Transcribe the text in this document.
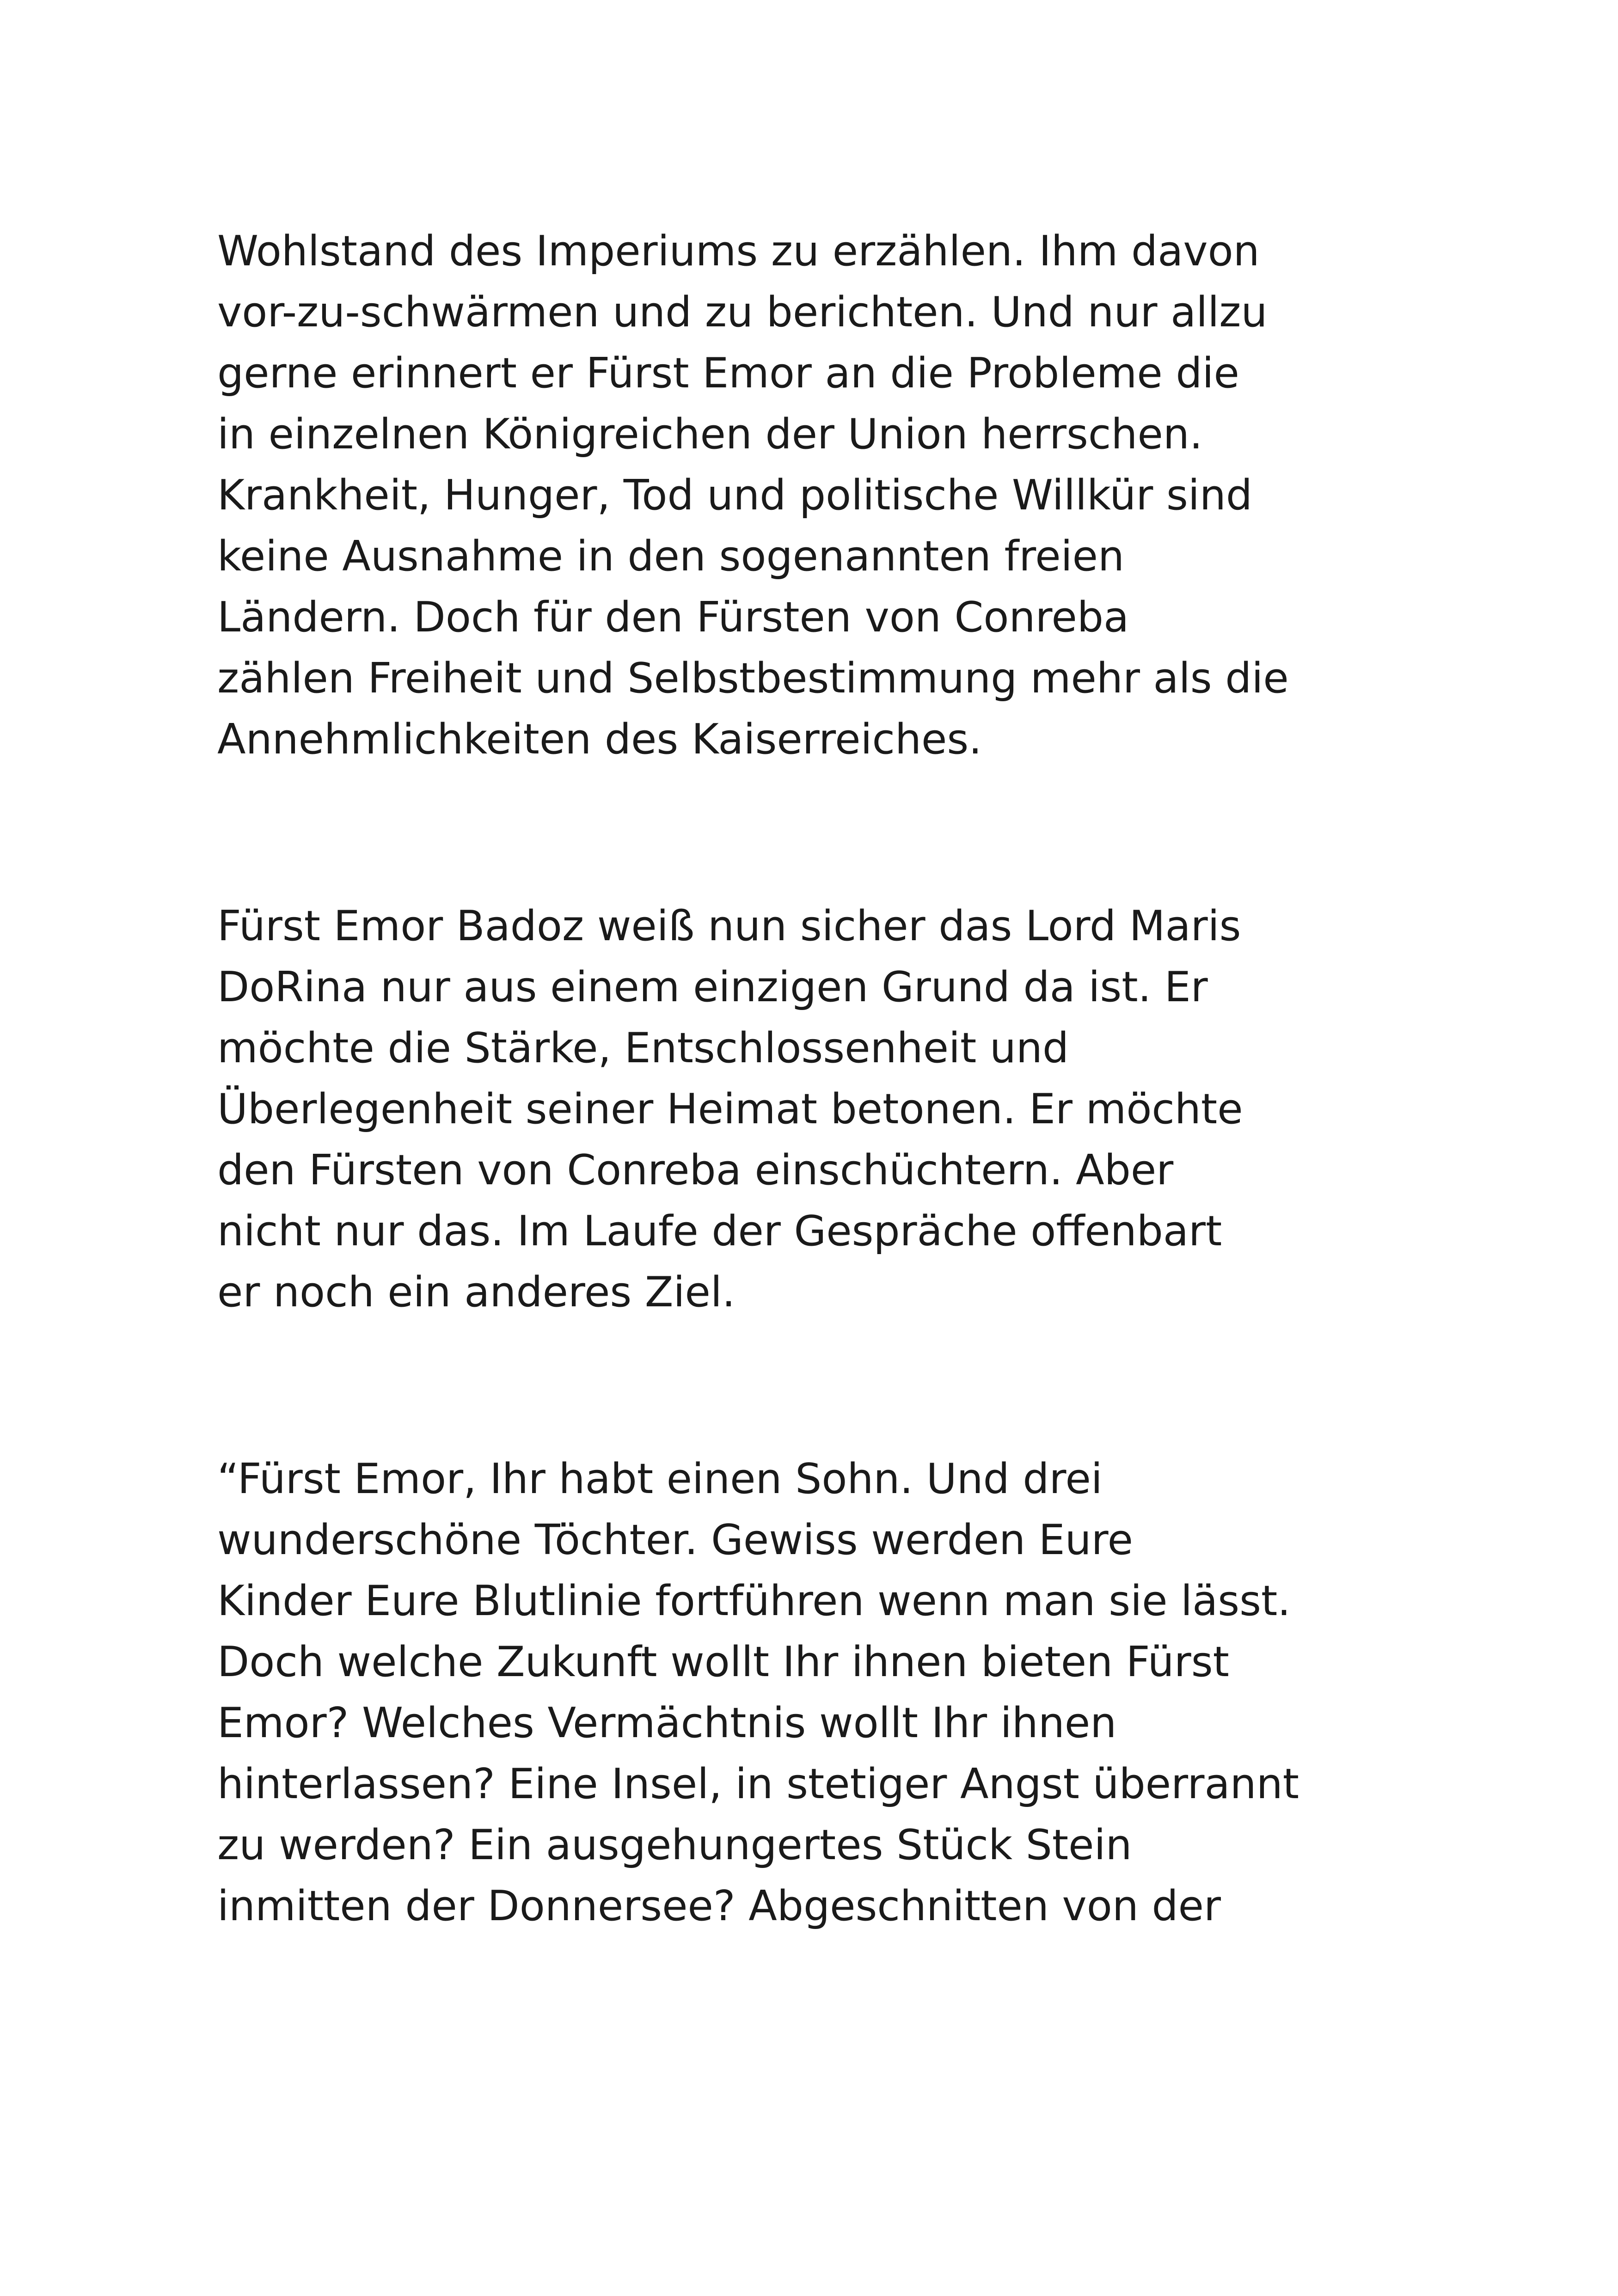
Wohlstand des Imperiums zu erzählen. Ihm davon
vor-zu-schwärmen und zu berichten. Und nur allzu
gerne erinnert er Fürst Emor an die Probleme die
in einzelnen Königreichen der Union herrschen.
Krankheit, Hunger, Tod und politische Willkür sind
keine Ausnahme in den sogenannten freien
Ländern. Doch für den Fürsten von Conreba
zählen Freiheit und Selbstbestimmung mehr als die
Annehmlichkeiten des Kaiserreiches.

Fürst Emor Badoz weiß nun sicher das Lord Maris
DoRina nur aus einem einzigen Grund da ist. Er
möchte die Stärke, Entschlossenheit und
Überlegenheit seiner Heimat betonen. Er möchte
den Fürsten von Conreba einschüchtern. Aber
nicht nur das. Im Laufe der Gespräche offenbart
er noch ein anderes Ziel.

“Fürst Emor, Ihr habt einen Sohn. Und drei
wunderschöne Töchter. Gewiss werden Eure
Kinder Eure Blutlinie fortführen wenn man sie lässt.
Doch welche Zukunft wollt Ihr ihnen bieten Fürst
Emor? Welches Vermächtnis wollt Ihr ihnen
hinterlassen? Eine Insel, in stetiger Angst überrannt
zu werden? Ein ausgehungertes Stück Stein
inmitten der Donnersee? Abgeschnitten von der
